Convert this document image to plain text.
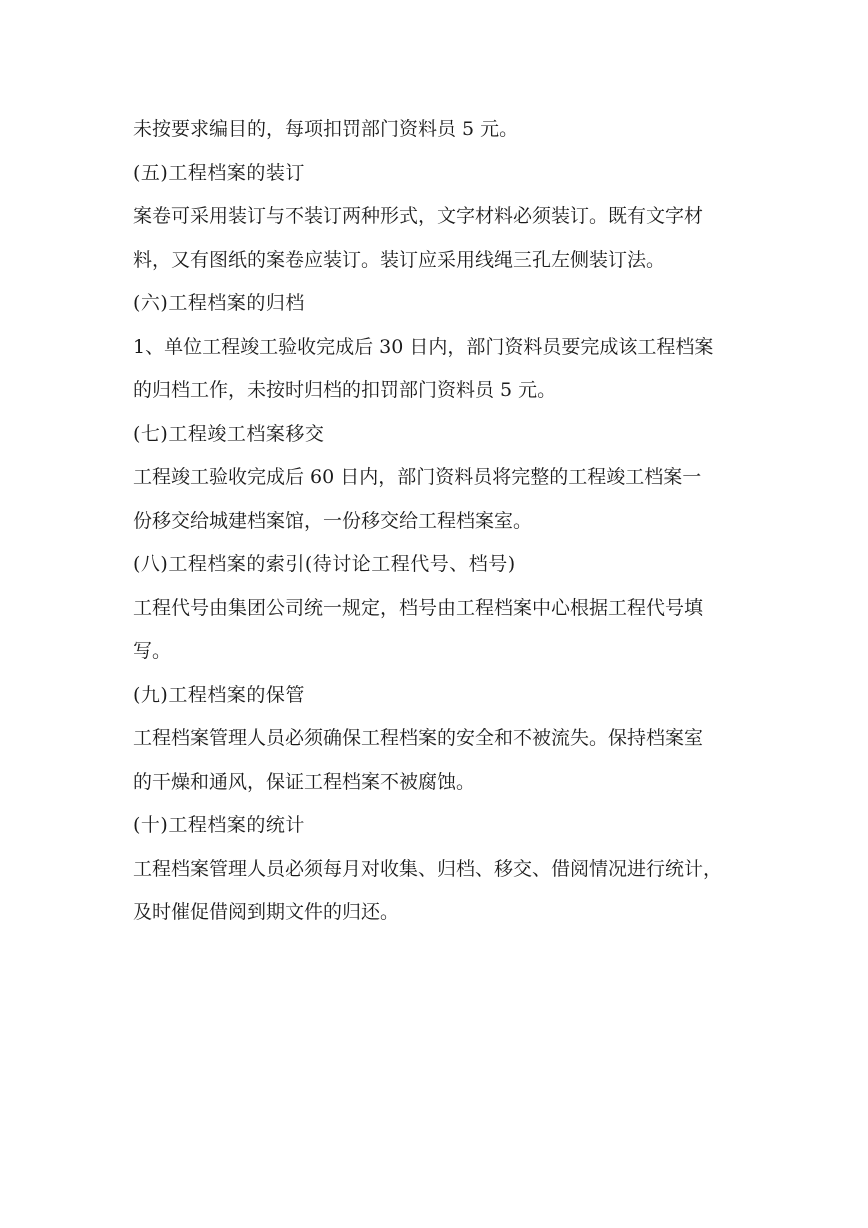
未按要求编目的，每项扣罚部门资料员 5 元。
(五)工程档案的装订
案卷可采用装订与不装订两种形式，文字材料必须装订。既有文字材
料，又有图纸的案卷应装订。装订应采用线绳三孔左侧装订法。
(六)工程档案的归档
1、单位工程竣工验收完成后 30 日内，部门资料员要完成该工程档案
的归档工作，未按时归档的扣罚部门资料员 5 元。
(七)工程竣工档案移交
工程竣工验收完成后 60 日内，部门资料员将完整的工程竣工档案一
份移交给城建档案馆，一份移交给工程档案室。
(八)工程档案的索引(待讨论工程代号、档号)
工程代号由集团公司统一规定，档号由工程档案中心根据工程代号填
写。
(九)工程档案的保管
工程档案管理人员必须确保工程档案的安全和不被流失。保持档案室
的干燥和通风，保证工程档案不被腐蚀。
(十)工程档案的统计
工程档案管理人员必须每月对收集、归档、移交、借阅情况进行统计，
及时催促借阅到期文件的归还。
